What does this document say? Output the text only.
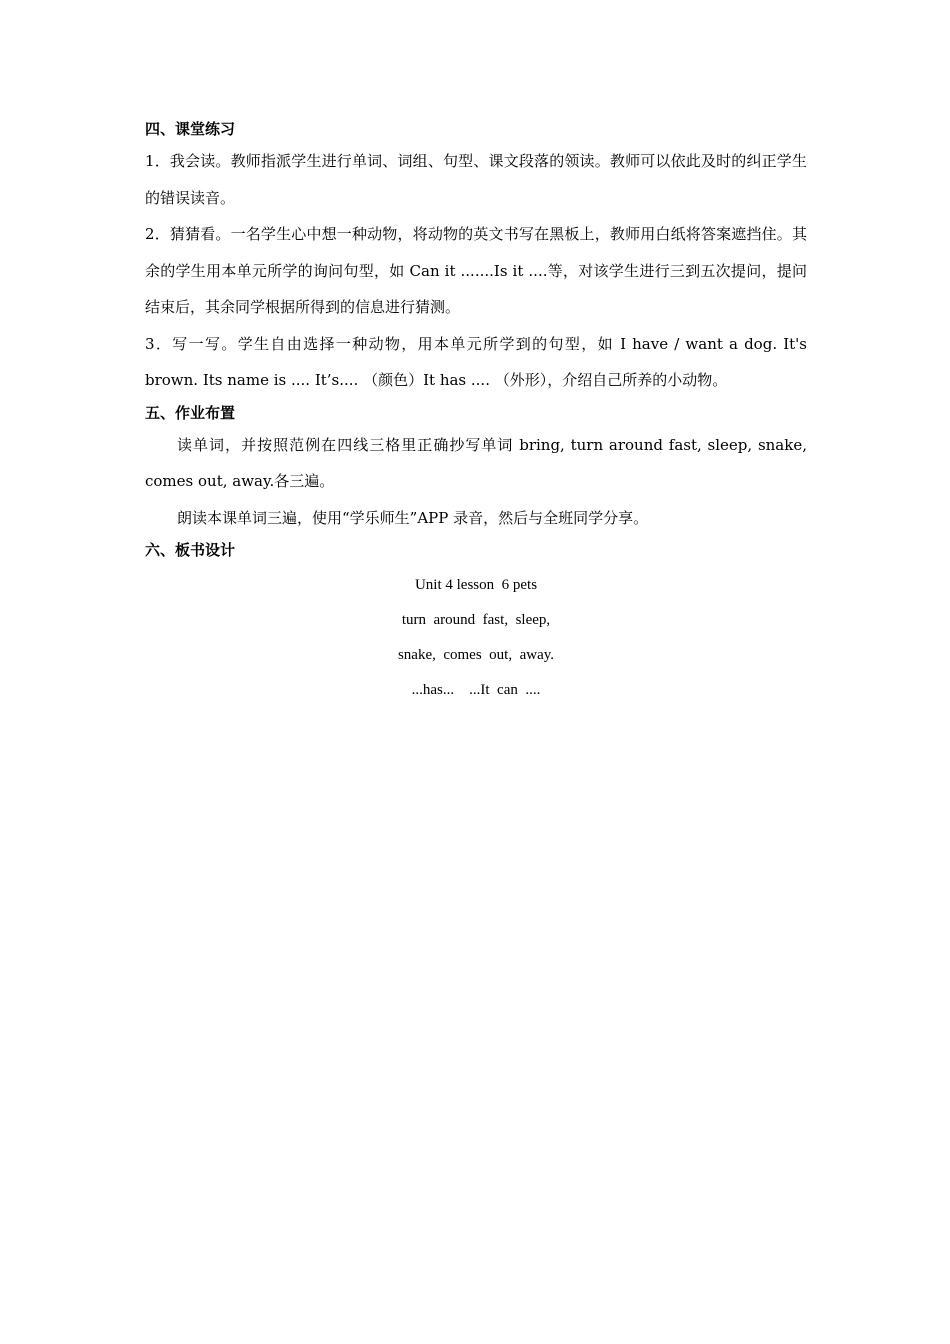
四、课堂练习
1．我会读。教师指派学生进行单词、词组、句型、课文段落的领读。教师可以依此及时的纠正学生的错误读音。
2．猜猜看。一名学生心中想一种动物，将动物的英文书写在黑板上，教师用白纸将答案遮挡住。其余的学生用本单元所学的询问句型，如 Can it .......Is it ....等，对该学生进行三到五次提问，提问结束后，其余同学根据所得到的信息进行猜测。
3．写一写。学生自由选择一种动物，用本单元所学到的句型，如 I have / want a dog. It's brown. Its name is .... It’s.... （颜色）It has .... （外形），介绍自己所养的小动物。
五、作业布置
读单词，并按照范例在四线三格里正确抄写单词 bring, turn around fast, sleep, snake, comes out, away.各三遍。
朗读本课单词三遍，使用“学乐师生”APP 录音，然后与全班同学分享。
六、板书设计
Unit 4 lesson  6 pets
turn  around  fast,  sleep,
snake,  comes  out,  away.
...has...    ...It  can  ....
